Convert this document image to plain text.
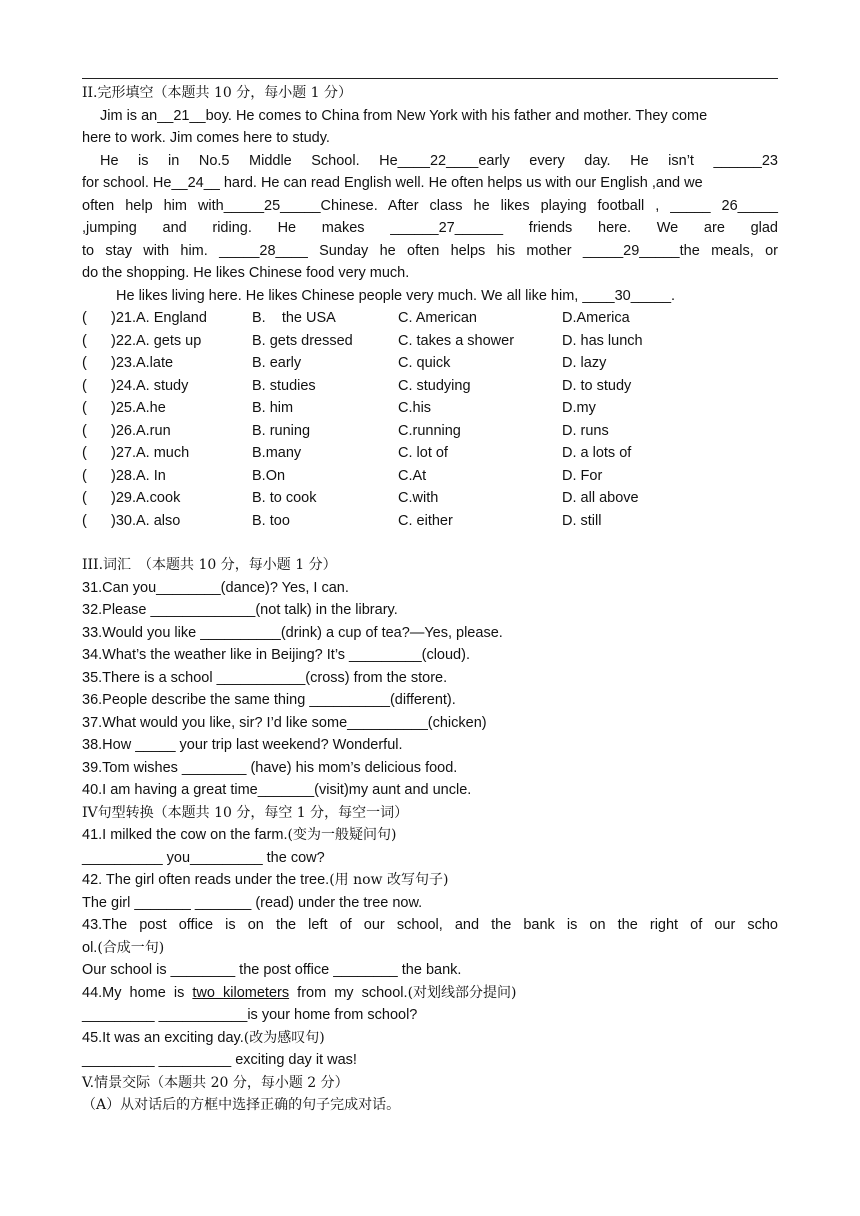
II.完形填空（本题共 10 分，每小题 1 分）
Jim is an__21__boy. He comes to China from New York with his father and mother. They come
here to work. Jim comes here to study.
He is in No.5 Middle School. He____22____early every day. He isn’t ______23
for school. He__24__ hard. He can read English well. He often helps us with our English ,and we
often help him with_____25_____Chinese. After class he likes playing football , _____ 26_____
,jumping and riding. He makes ______27______ friends here. We are glad
to stay with him. _____28____ Sunday he often helps his mother _____29_____the meals, or
do the shopping. He likes Chinese food very much.
He likes living here. He likes Chinese people very much. We all like him, ____30_____.
(      )21.A. England	B.    the USA	C. American	D.America
(      )22.A. gets up	B. gets dressed	C. takes a shower	D. has lunch
(      )23.A.late	B. early	C. quick	D. lazy
(      )24.A. study	B. studies	C. studying	D. to study
(      )25.A.he	B. him	C.his	D.my
(      )26.A.run	B. runing	C.running	D. runs
(      )27.A. much	B.many	C. lot of	D. a lots of
(      )28.A. In	B.On	C.At	D. For
(      )29.A.cook	B. to cook	C.with	D. all above
(      )30.A. also	B. too	C. either	D. still
III.词汇　（本题共 10 分，每小题 1 分）
31.Can you________(dance)? Yes, I can.
32.Please _____________(not talk) in the library.
33.Would you like __________(drink) a cup of tea?—Yes, please.
34.What’s the weather like in Beijing? It’s _________(cloud).
35.There is a school ___________(cross) from the store.
36.People describe the same thing __________(different).
37.What would you like, sir? I’d like some__________(chicken)
38.How _____ your trip last weekend? Wonderful.
39.Tom wishes ________ (have) his mom’s delicious food.
40.I am having a great time_______(visit)my aunt and uncle.
IV句型转换（本题共 10 分，每空 1 分，每空一词）
41.I milked the cow on the farm.(变为一般疑问句)
__________ you_________ the cow?
42. The girl often reads under the tree.(用 now 改写句子)
The girl _______ _______ (read) under the tree now.
43.The post office is on the left of our school, and the bank is on the right of our scho
ol.(合成一句)
Our school is ________ the post office ________ the bank.
44.My  home  is  two  kilometers  from  my  school.(对划线部分提问)
_________ ___________is your home from school?
45.It was an exciting day.(改为感叹句)
_________ _________ exciting day it was!
V.情景交际（本题共 20 分，每小题 2 分）
（A）从对话后的方框中选择正确的句子完成对话。
